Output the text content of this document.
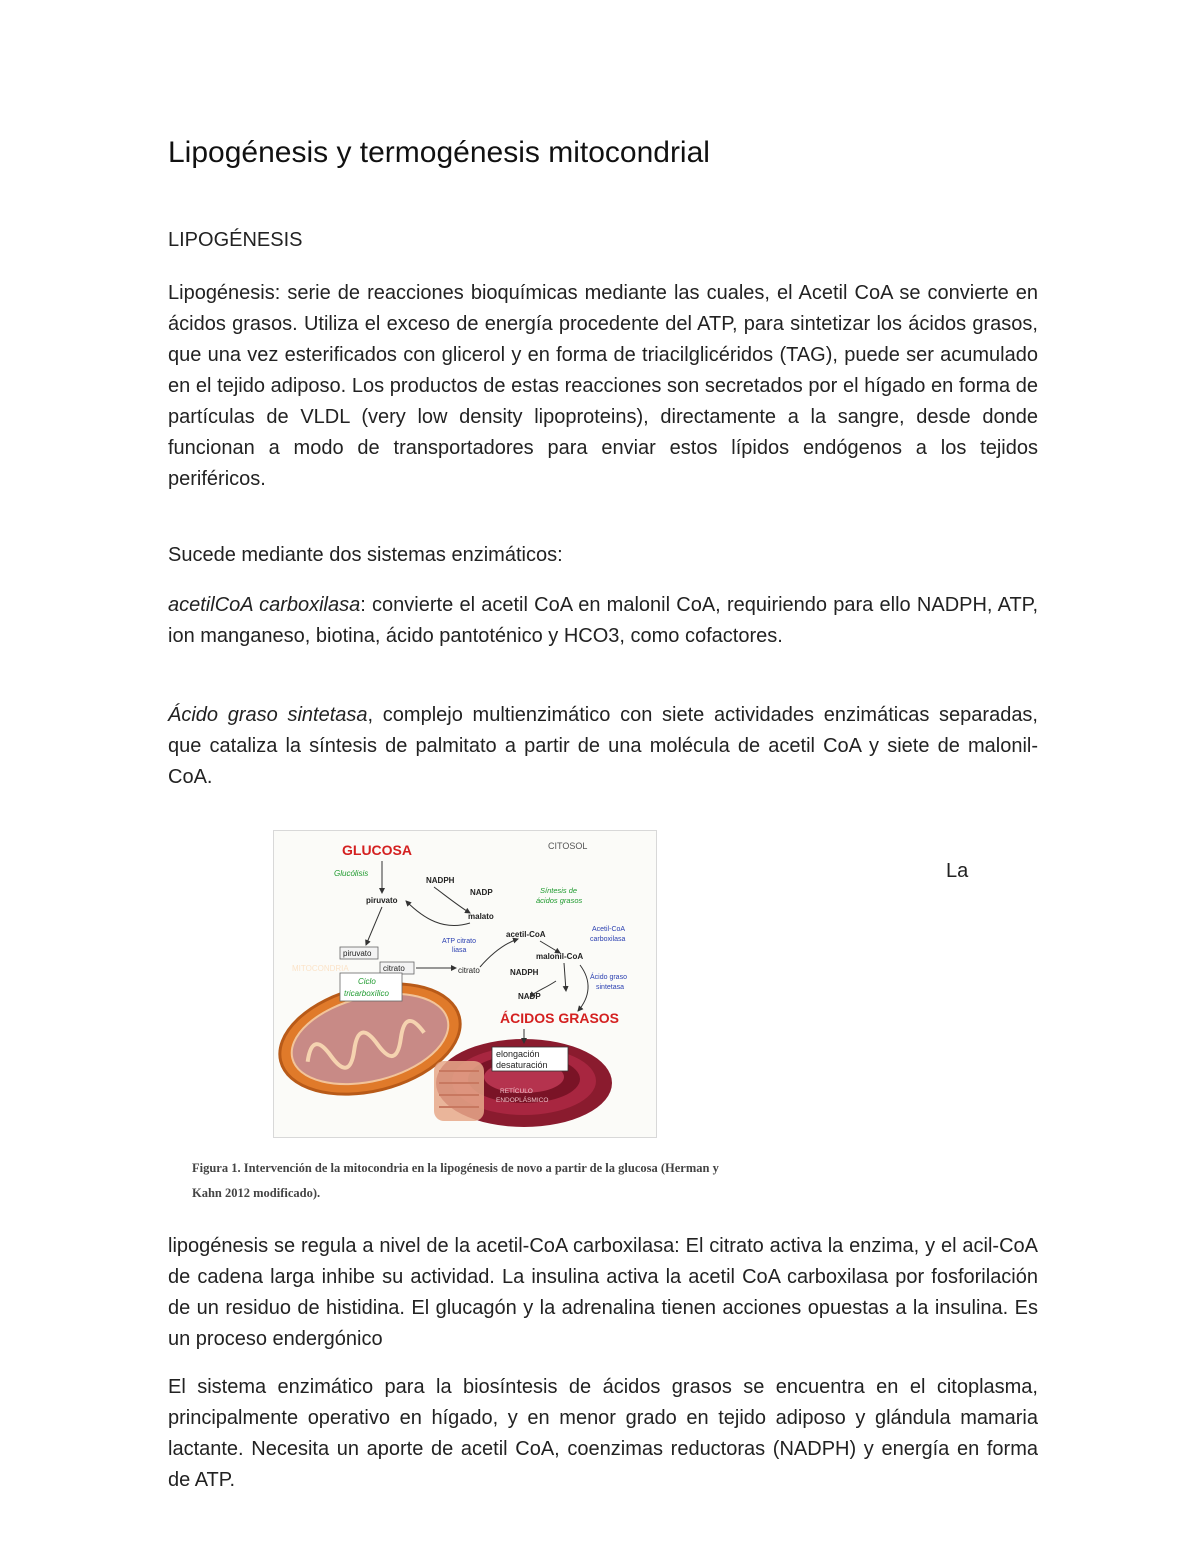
Lipogénesis y termogénesis mitocondrial
LIPOGÉNESIS

Lipogénesis: serie de reacciones bioquímicas mediante las cuales, el Acetil CoA se convierte en ácidos grasos. Utiliza el exceso de energía procedente del ATP, para sintetizar los ácidos grasos, que una vez esterificados con glicerol y en forma de triacilglicéridos (TAG), puede ser acumulado en el tejido adiposo. Los productos de estas reacciones son secretados por el hígado en forma de partículas de VLDL (very low density lipoproteins), directamente a la sangre, desde donde funcionan a modo de transportadores para enviar estos lípidos endógenos a los tejidos periféricos.

Sucede mediante dos sistemas enzimáticos:

acetilCoA carboxilasa: convierte el acetil CoA en malonil CoA, requiriendo para ello NADPH, ATP, ion manganeso, biotina, ácido pantoténico y HCO3, como cofactores.

Ácido graso sintetasa, complejo multienzimático con siete actividades enzimáticas separadas, que cataliza la síntesis de palmitato a partir de una molécula de acetil CoA y siete de malonil-CoA.

GLUCOSA	CITOSOL
Glucólisis
NADPH
NADP	Síntesis de
ácidos grasos
piruvato
malato
ATP citrato
liasa
acetil-CoA
Acetil-CoA
carboxilasa
piruvato	malonil-CoA
MITOCONDRIA	citrato	citrato	NADPH
Ácido graso
sintetasa
Ciclo
tricarboxílico	NADP
ÁCIDOS GRASOS
elongación
desaturación
RETÍCULO
ENDOPLÁSMICO
La

Figura 1. Intervención de la mitocondria en la lipogénesis de novo a partir de la glucosa (Herman y
Kahn 2012 modificado).

lipogénesis se regula a nivel de la acetil-CoA carboxilasa: El citrato activa la enzima, y el acil-CoA de cadena larga inhibe su actividad. La insulina activa la acetil CoA carboxilasa por fosforilación de un residuo de histidina. El glucagón y la adrenalina tienen acciones opuestas a la insulina. Es un proceso endergónico

El sistema enzimático para la biosíntesis de ácidos grasos se encuentra en el citoplasma, principalmente operativo en hígado, y en menor grado en tejido adiposo y glándula mamaria lactante. Necesita un aporte de acetil CoA, coenzimas reductoras (NADPH) y energía en forma de ATP.
